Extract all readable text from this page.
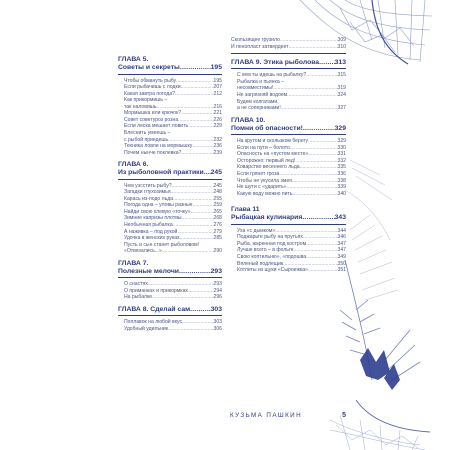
ГЛАВА 5.
Советы и секреты .....	195
Чтобы обмануть рыбу .....	195
Если рыбачишь с лодки .....	207
Какая завтра погода? .....	212
Как прикормишь –
так наловишь .....	216
Мормышка или крючок? .....	221
Совет советуроз розна .....	226
Если леска мешает ловить .....	229
Блеснить умеешь –
с рыбой приедешь .....	232
Техника ловли на мормышку .....	236
Почем нынче поклевка? .....	239
ГЛАВА 6.
Из рыболовной практики ..... 245
Чем уэсстить рыбу? .....	245
Загадки глухозимья .....	248
Карась из-подо льда .....	255
Погода одна – уловы разные .....	259
Найди свою клевую «точку» .....	265
Зимние капризы плотвы .....	268
Необычная рыбалка .....	276
А наживка – под рукой .....	279
Удочка в женских руках .....	285
Пусть и сын станет рыболовом!
«Отвязались...» .....	290
ГЛАВА 7.
Полезные мелочи .....	293
О снастях .....	293
О приманках и прикормках .....	294
На рыбалке .....	296
ГЛАВА 8. Сделай сам .....	303
Поплавок на любой вкус .....	303
Удобный удильник .....	306
Скользящее грузило .....	309
И пенопласт затвердеет .....	310
ГЛАВА 9. Этика рыболова ..... 313
С кем ты идешь на рыбалку? .....	315
Рыбалка и пьянка –
несовместимы! .....	319
Не загрязняй водоем .....	324
Будем колгатами,
а не соперниками! .....	327
ГЛАВА 10.
Помни об опасности! .....	329
На крутом и скользком берегу .....	329
Если на пути – болото .....	330
Опасность на «пустом месте» .....	331
Осторожно: первый лед! .....	332
Коварство весеннего льда .....	335
Если грянет гроза .....	336
Чтобы не укусила змея .....	338
Не шути с «ударить» .....	339
Какую воду можно пить .....	340
Глава 11
Рыбацкая кулинария .....	343
Уха «с дымком» .....	344
Поджарьте рыбу на прутьях .....	346
Рыба, жаренная под костром .....	347
Лучше всего – в фольге .....	347
Свою коптильню», «подошва .....	349
Вяленый подлещик .....	350
Котлеты из щуки «Сыроежка» .....	351
КУЗЬМА ПАШКИН	5
